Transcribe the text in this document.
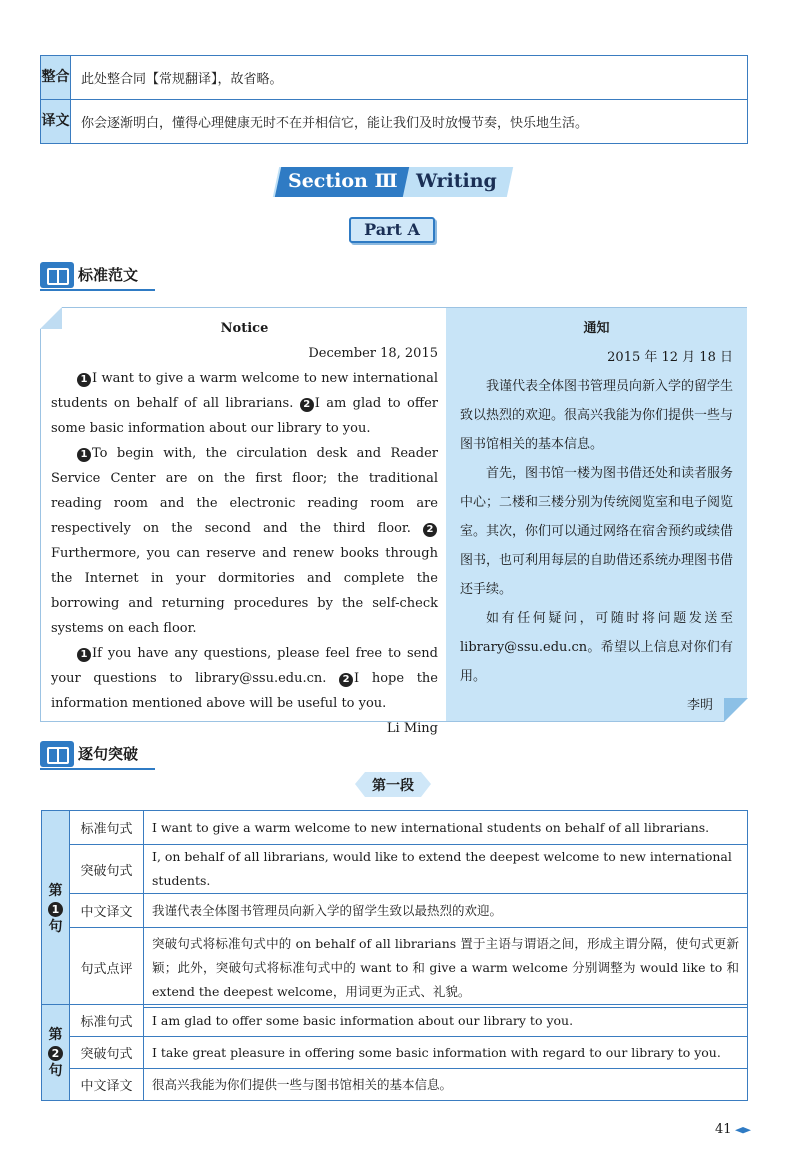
整合	此处整合同【常规翻译】，故省略。
译文	你会逐渐明白，懂得心理健康无时不在并相信它，能让我们及时放慢节奏，快乐地生活。
Section Ⅲ Writing
Part A
标准范文
Notice
December 18, 2015

1 I want to give a warm welcome to new international students on behalf of all librarians. 2 I am glad to offer some basic information about our library to you.

1 To begin with, the circulation desk and Reader Service Center are on the first floor; the traditional reading room and the electronic reading room are respectively on the second and the third floor. 2Furthermore, you can reserve and renew books through the Internet in your dormitories and complete the borrowing and returning procedures by the self-check systems on each floor.

1 If you have any questions, please feel free to send your questions to library@ssu.edu.cn. 2 I hope the information mentioned above will be useful to you.

Li Ming
通知
2015 年 12 月 18 日

我谨代表全体图书管理员向新入学的留学生致以热烈的欢迎。很高兴我能为你们提供一些与图书馆相关的基本信息。

首先，图书馆一楼为图书借还处和读者服务中心；二楼和三楼分别为传统阅览室和电子阅览室。其次，你们可以通过网络在宿舍预约或续借图书，也可利用每层的自助借还系统办理图书借还手续。

如有任何疑问，可随时将问题发送至library@ssu.edu.cn。希望以上信息对你们有用。

李明
逐句突破
第一段
第
1
句	标准句式	I want to give a warm welcome to new international students on behalf of all librarians.
	突破句式	I, on behalf of all librarians, would like to extend the deepest welcome to new international students.
	中文译文	我谨代表全体图书管理员向新入学的留学生致以最热烈的欢迎。
	句式点评	突破句式将标准句式中的 on behalf of all librarians 置于主语与谓语之间，形成主谓分隔，使句式更新颖；此外，突破句式将标准句式中的 want to 和 give a warm welcome 分别调整为 would like to 和 extend the deepest welcome，用词更为正式、礼貌。
第
2
句	标准句式	I am glad to offer some basic information about our library to you.
	突破句式	I take great pleasure in offering some basic information with regard to our library to you.
	中文译文	很高兴我能为你们提供一些与图书馆相关的基本信息。
41
